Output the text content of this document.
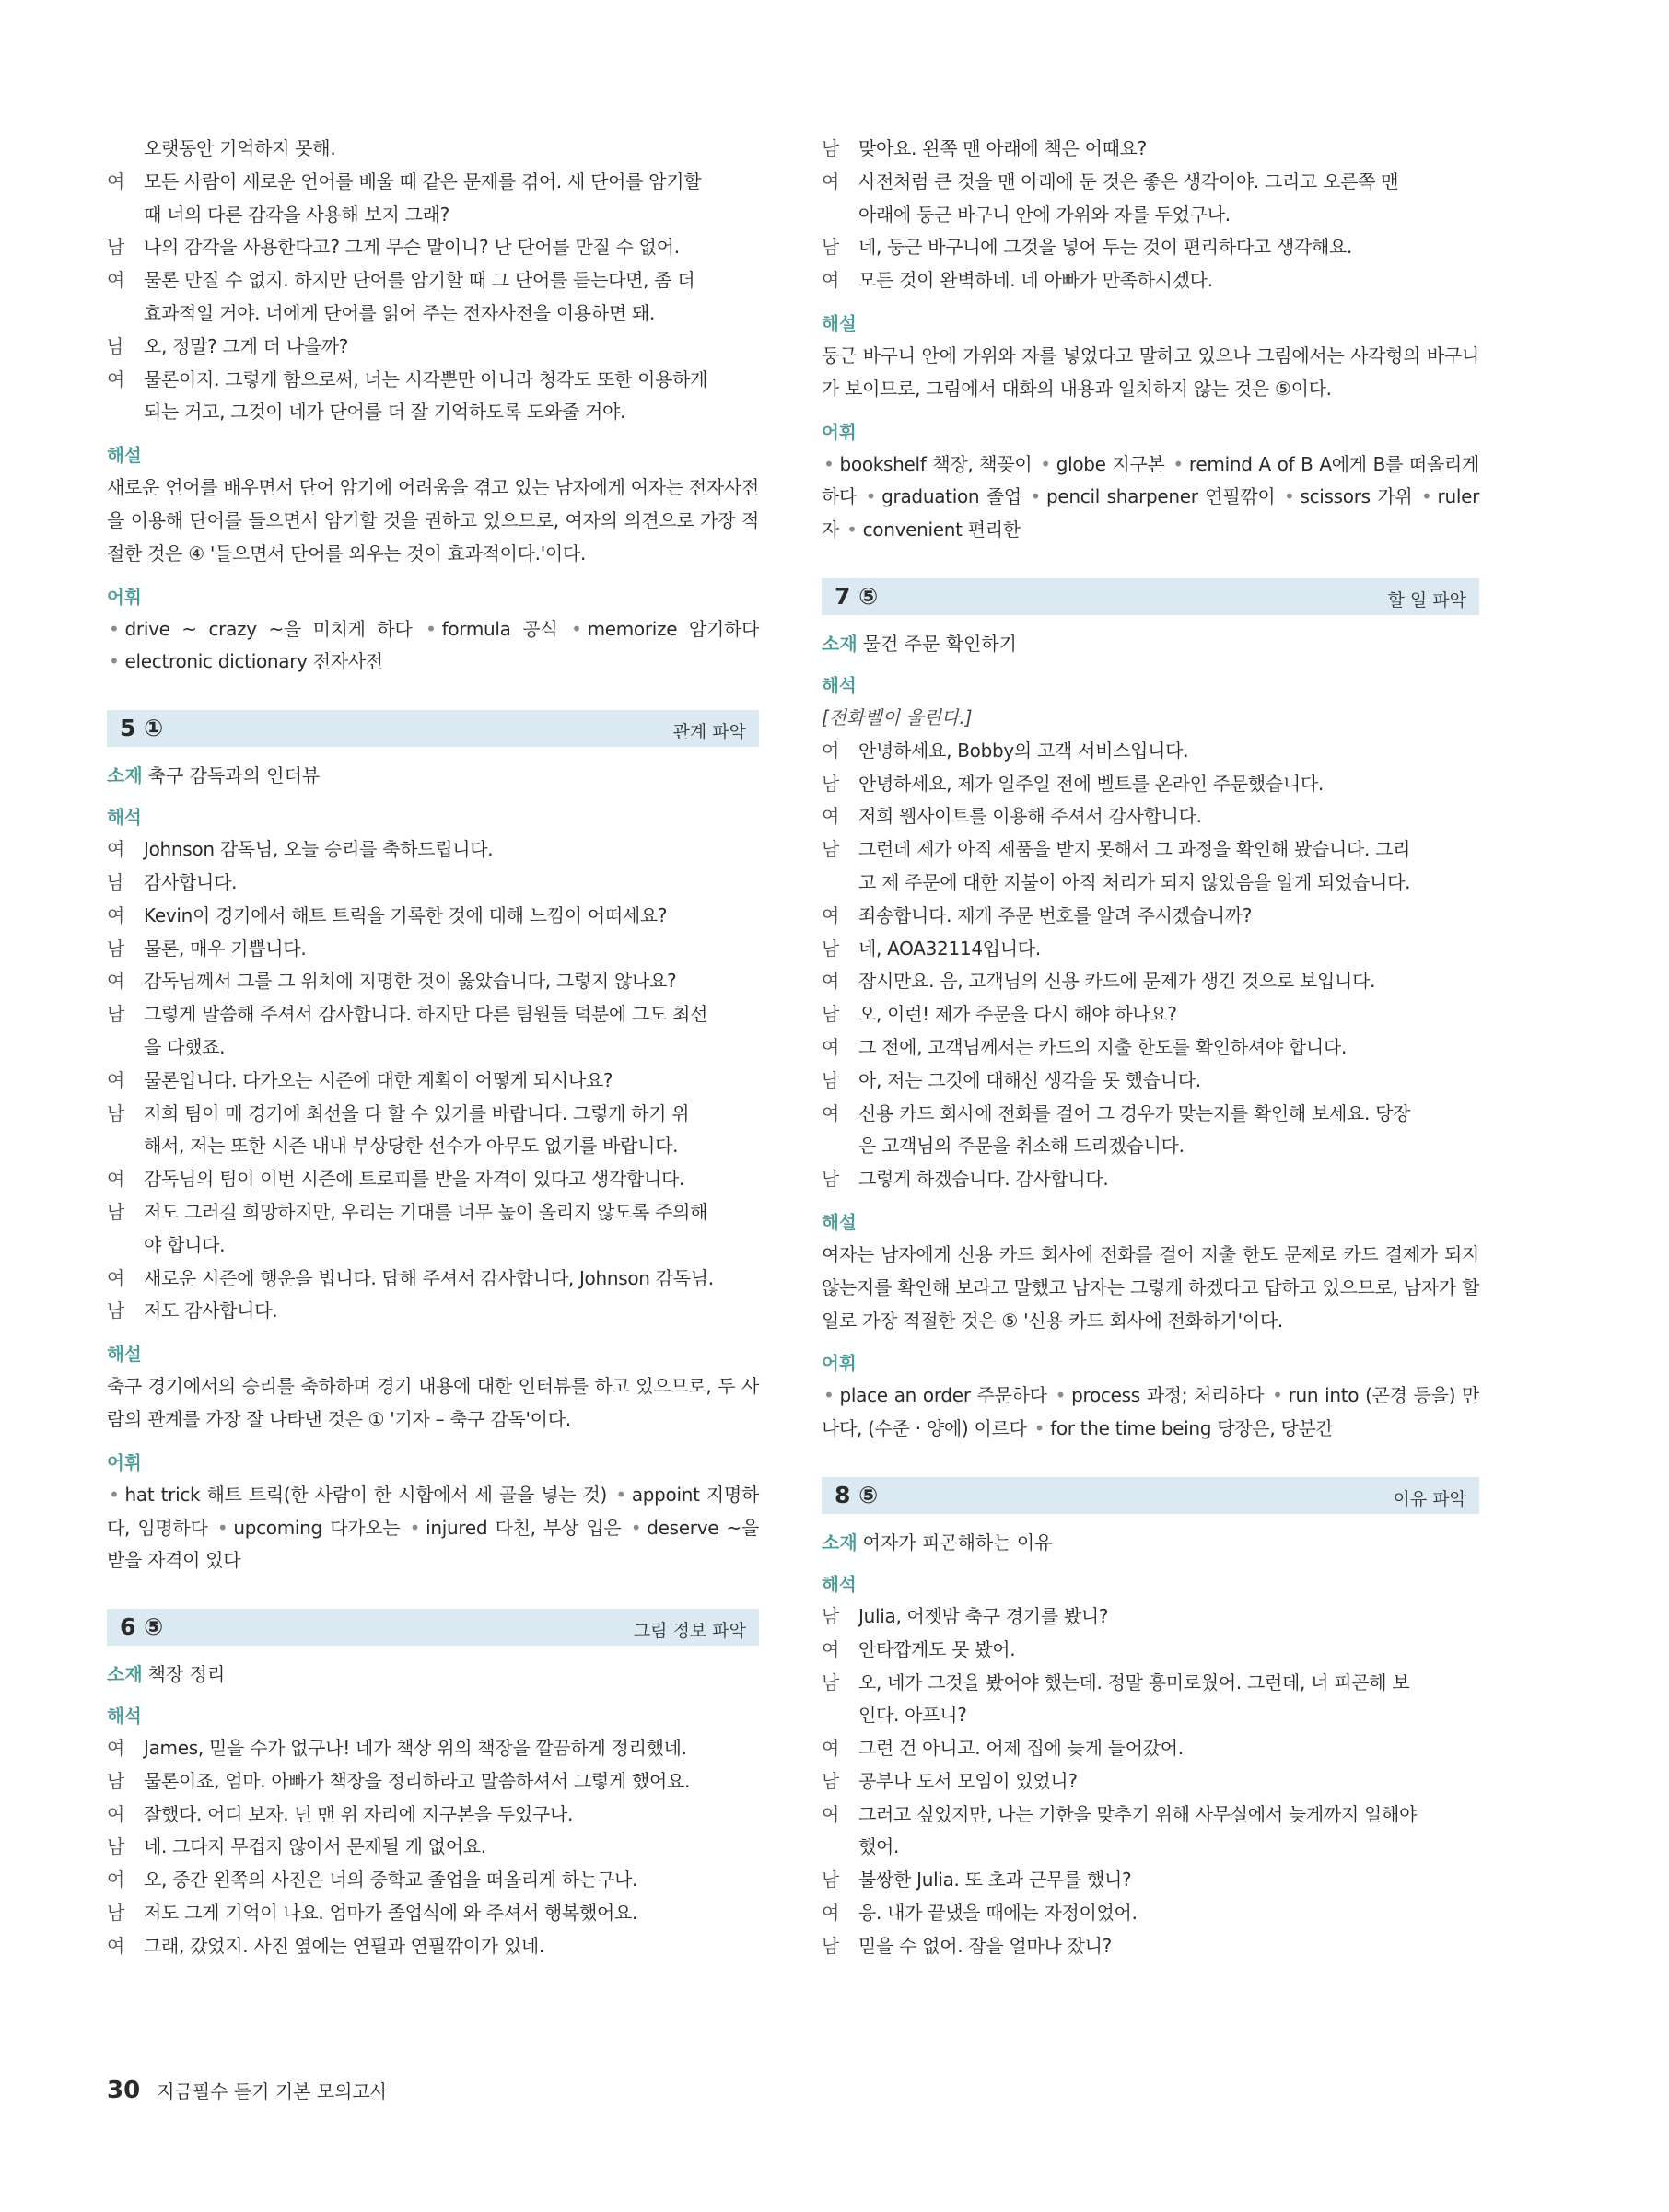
오랫동안 기억하지 못해.
여	모든 사람이 새로운 언어를 배울 때 같은 문제를 겪어. 새 단어를 암기할
때 너의 다른 감각을 사용해 보지 그래?
남	나의 감각을 사용한다고? 그게 무슨 말이니? 난 단어를 만질 수 없어.
여	물론 만질 수 없지. 하지만 단어를 암기할 때 그 단어를 듣는다면, 좀 더
효과적일 거야. 너에게 단어를 읽어 주는 전자사전을 이용하면 돼.
남	오, 정말? 그게 더 나을까?
여	물론이지. 그렇게 함으로써, 너는 시각뿐만 아니라 청각도 또한 이용하게
되는 거고, 그것이 네가 단어를 더 잘 기억하도록 도와줄 거야.
해설
새로운 언어를 배우면서 단어 암기에 어려움을 겪고 있는 남자에게 여자는 전자사전을 이용해 단어를 들으면서 암기할 것을 권하고 있으므로, 여자의 의견으로 가장 적절한 것은 ④ '들으면서 단어를 외우는 것이 효과적이다.'이다.
어휘
• drive ~ crazy ~을 미치게 하다 • formula 공식 • memorize 암기하다 • electronic dictionary 전자사전
5 ①	관계 파악
소재 축구 감독과의 인터뷰
해석
여	Johnson 감독님, 오늘 승리를 축하드립니다.
남	감사합니다.
여	Kevin이 경기에서 해트 트릭을 기록한 것에 대해 느낌이 어떠세요?
남	물론, 매우 기쁩니다.
여	감독님께서 그를 그 위치에 지명한 것이 옳았습니다, 그렇지 않나요?
남	그렇게 말씀해 주셔서 감사합니다. 하지만 다른 팀원들 덕분에 그도 최선
을 다했죠.
여	물론입니다. 다가오는 시즌에 대한 계획이 어떻게 되시나요?
남	저희 팀이 매 경기에 최선을 다 할 수 있기를 바랍니다. 그렇게 하기 위
해서, 저는 또한 시즌 내내 부상당한 선수가 아무도 없기를 바랍니다.
여	감독님의 팀이 이번 시즌에 트로피를 받을 자격이 있다고 생각합니다.
남	저도 그러길 희망하지만, 우리는 기대를 너무 높이 올리지 않도록 주의해
야 합니다.
여	새로운 시즌에 행운을 빕니다. 답해 주셔서 감사합니다, Johnson 감독님.
남	저도 감사합니다.
해설
축구 경기에서의 승리를 축하하며 경기 내용에 대한 인터뷰를 하고 있으므로, 두 사람의 관계를 가장 잘 나타낸 것은 ① '기자 – 축구 감독'이다.
어휘
• hat trick 해트 트릭(한 사람이 한 시합에서 세 골을 넣는 것) • appoint 지명하다, 임명하다 • upcoming 다가오는 • injured 다친, 부상 입은 • deserve ~을 받을 자격이 있다
6 ⑤	그림 정보 파악
소재 책장 정리
해석
여	James, 믿을 수가 없구나! 네가 책상 위의 책장을 깔끔하게 정리했네.
남	물론이죠, 엄마. 아빠가 책장을 정리하라고 말씀하셔서 그렇게 했어요.
여	잘했다. 어디 보자. 넌 맨 위 자리에 지구본을 두었구나.
남	네. 그다지 무겁지 않아서 문제될 게 없어요.
여	오, 중간 왼쪽의 사진은 너의 중학교 졸업을 떠올리게 하는구나.
남	저도 그게 기억이 나요. 엄마가 졸업식에 와 주셔서 행복했어요.
여	그래, 갔었지. 사진 옆에는 연필과 연필깎이가 있네.
남	맞아요. 왼쪽 맨 아래에 책은 어때요?
여	사전처럼 큰 것을 맨 아래에 둔 것은 좋은 생각이야. 그리고 오른쪽 맨
아래에 둥근 바구니 안에 가위와 자를 두었구나.
남	네, 둥근 바구니에 그것을 넣어 두는 것이 편리하다고 생각해요.
여	모든 것이 완벽하네. 네 아빠가 만족하시겠다.
해설
둥근 바구니 안에 가위와 자를 넣었다고 말하고 있으나 그림에서는 사각형의 바구니가 보이므로, 그림에서 대화의 내용과 일치하지 않는 것은 ⑤이다.
어휘
• bookshelf 책장, 책꽂이 • globe 지구본 • remind A of B A에게 B를 떠올리게 하다 • graduation 졸업 • pencil sharpener 연필깎이 • scissors 가위 • ruler 자 • convenient 편리한
7 ⑤	할 일 파악
소재 물건 주문 확인하기
해석
[전화벨이 울린다.]
여	안녕하세요, Bobby의 고객 서비스입니다.
남	안녕하세요, 제가 일주일 전에 벨트를 온라인 주문했습니다.
여	저희 웹사이트를 이용해 주셔서 감사합니다.
남	그런데 제가 아직 제품을 받지 못해서 그 과정을 확인해 봤습니다. 그리
고 제 주문에 대한 지불이 아직 처리가 되지 않았음을 알게 되었습니다.
여	죄송합니다. 제게 주문 번호를 알려 주시겠습니까?
남	네, AOA32114입니다.
여	잠시만요. 음, 고객님의 신용 카드에 문제가 생긴 것으로 보입니다.
남	오, 이런! 제가 주문을 다시 해야 하나요?
여	그 전에, 고객님께서는 카드의 지출 한도를 확인하셔야 합니다.
남	아, 저는 그것에 대해선 생각을 못 했습니다.
여	신용 카드 회사에 전화를 걸어 그 경우가 맞는지를 확인해 보세요. 당장
은 고객님의 주문을 취소해 드리겠습니다.
남	그렇게 하겠습니다. 감사합니다.
해설
여자는 남자에게 신용 카드 회사에 전화를 걸어 지출 한도 문제로 카드 결제가 되지 않는지를 확인해 보라고 말했고 남자는 그렇게 하겠다고 답하고 있으므로, 남자가 할 일로 가장 적절한 것은 ⑤ '신용 카드 회사에 전화하기'이다.
어휘
• place an order 주문하다 • process 과정; 처리하다 • run into (곤경 등을) 만나다, (수준 · 양에) 이르다 • for the time being 당장은, 당분간
8 ⑤	이유 파악
소재 여자가 피곤해하는 이유
해석
남	Julia, 어젯밤 축구 경기를 봤니?
여	안타깝게도 못 봤어.
남	오, 네가 그것을 봤어야 했는데. 정말 흥미로웠어. 그런데, 너 피곤해 보
인다. 아프니?
여	그런 건 아니고. 어제 집에 늦게 들어갔어.
남	공부나 도서 모임이 있었니?
여	그러고 싶었지만, 나는 기한을 맞추기 위해 사무실에서 늦게까지 일해야
했어.
남	불쌍한 Julia. 또 초과 근무를 했니?
여	응. 내가 끝냈을 때에는 자정이었어.
남	믿을 수 없어. 잠을 얼마나 잤니?
30 지금필수 듣기 기본 모의고사
